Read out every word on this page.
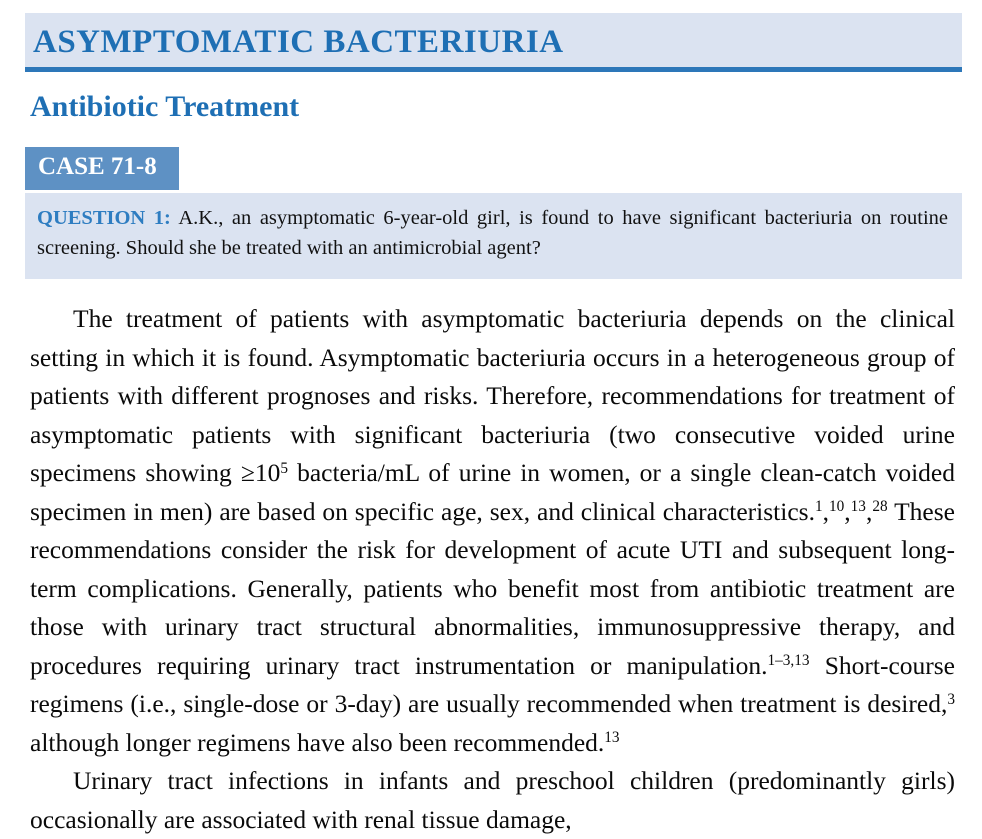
ASYMPTOMATIC BACTERIURIA
Antibiotic Treatment
CASE 71-8
QUESTION 1: A.K., an asymptomatic 6-year-old girl, is found to have significant bacteriuria on routine screening. Should she be treated with an antimicrobial agent?

The treatment of patients with asymptomatic bacteriuria depends on the clinical setting in which it is found. Asymptomatic bacteriuria occurs in a heterogeneous group of patients with different prognoses and risks. Therefore, recommendations for treatment of asymptomatic patients with significant bacteriuria (two consecutive voided urine specimens showing $\ge 10^5$ bacteria/mL of urine in women, or a single clean-catch voided specimen in men) are based on specific age, sex, and clinical characteristics.$^1$,$^{10}$,$^{13}$,$^{28}$ These recommendations consider the risk for development of acute UTI and subsequent long-term complications. Generally, patients who benefit most from antibiotic treatment are those with urinary tract structural abnormalities, immunosuppressive therapy, and procedures requiring urinary tract instrumentation or manipulation.$^{1-3,13}$ Short-course regimens (i.e., single-dose or 3-day) are usually recommended when treatment is desired,$^3$ although longer regimens have also been recommended.$^{13}$

Urinary tract infections in infants and preschool children (predominantly girls) occasionally are associated with renal tissue damage,
